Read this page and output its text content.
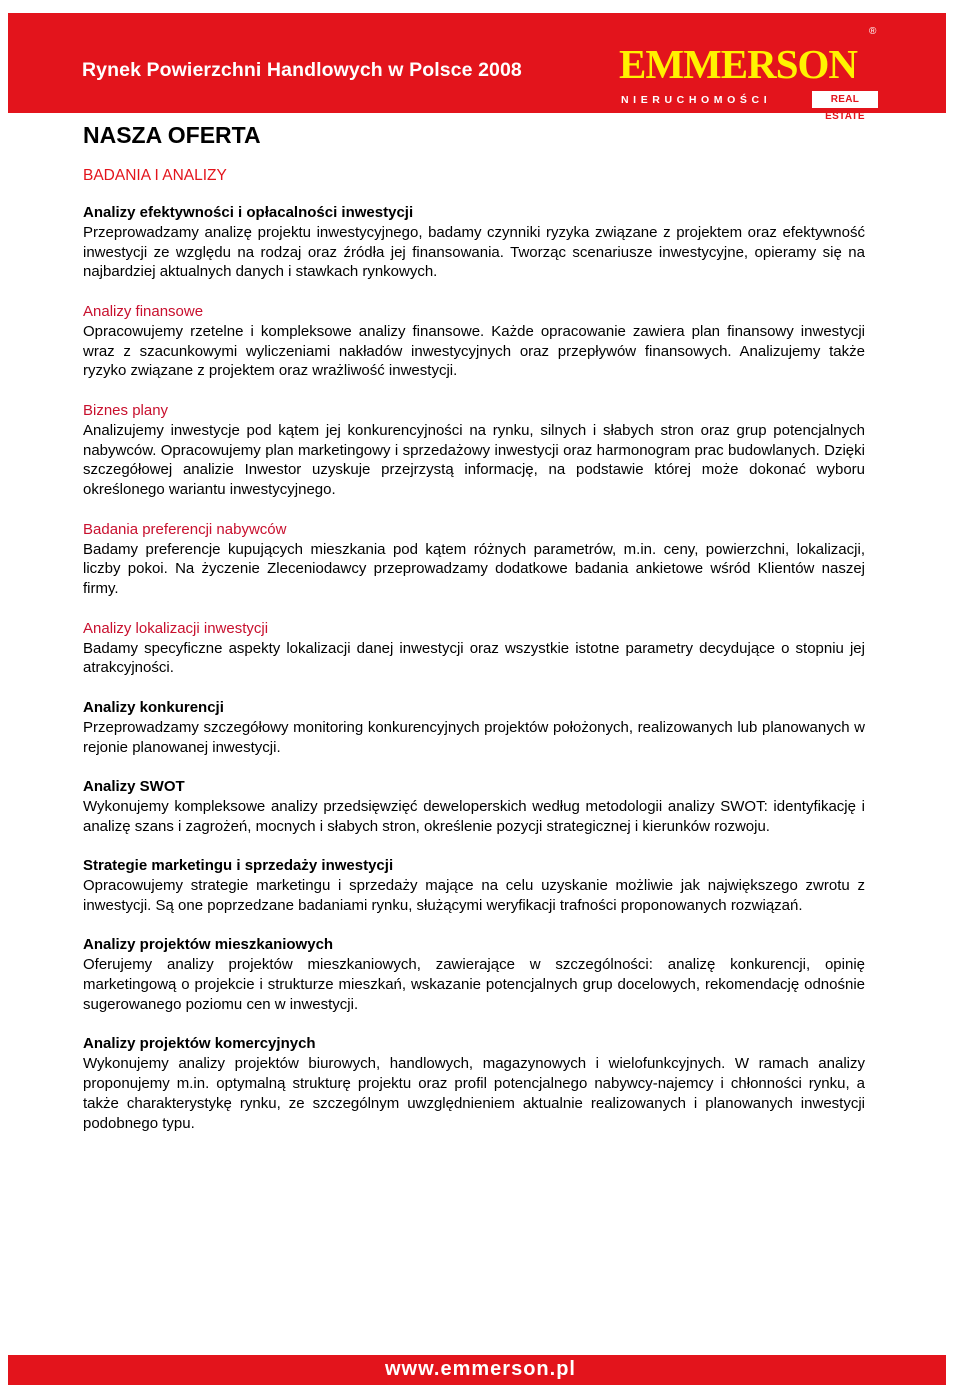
Rynek Powierzchni Handlowych w Polsce 2008 EMMERSON
NIERUCHOMOŚCI	REAL ESTATE
®
NASZA OFERTA

BADANIA I ANALIZY

Analizy efektywności i opłacalności inwestycji

Przeprowadzamy analizę projektu inwestycyjnego, badamy czynniki ryzyka związane z projektem oraz efektywność inwestycji ze względu na rodzaj oraz źródła jej finansowania. Tworząc scenariusze inwestycyjne, opieramy się na najbardziej aktualnych danych i stawkach rynkowych.

Analizy finansowe

Opracowujemy rzetelne i kompleksowe analizy finansowe. Każde opracowanie zawiera plan finansowy inwestycji wraz z szacunkowymi wyliczeniami nakładów inwestycyjnych oraz przepływów finansowych. Analizujemy także ryzyko związane z projektem oraz wrażliwość inwestycji.

Biznes plany

Analizujemy inwestycje pod kątem jej konkurencyjności na rynku, silnych i słabych stron oraz grup potencjalnych nabywców. Opracowujemy plan marketingowy i sprzedażowy inwestycji oraz harmonogram prac budowlanych. Dzięki szczegółowej analizie Inwestor uzyskuje przejrzystą informację, na podstawie której może dokonać wyboru określonego wariantu inwestycyjnego.

Badania preferencji nabywców

Badamy preferencje kupujących mieszkania pod kątem różnych parametrów, m.in. ceny, powierzchni, lokalizacji, liczby pokoi. Na życzenie Zleceniodawcy przeprowadzamy dodatkowe badania ankietowe wśród Klientów naszej firmy.

Analizy lokalizacji inwestycji

Badamy specyficzne aspekty lokalizacji danej inwestycji oraz wszystkie istotne parametry decydujące o stopniu jej atrakcyjności.

Analizy konkurencji

Przeprowadzamy szczegółowy monitoring konkurencyjnych projektów położonych, realizowanych lub planowanych w rejonie planowanej inwestycji.

Analizy SWOT

Wykonujemy kompleksowe analizy przedsięwzięć deweloperskich według metodologii analizy SWOT: identyfikację i analizę szans i zagrożeń, mocnych i słabych stron, określenie pozycji strategicznej i kierunków rozwoju.

Strategie marketingu i sprzedaży inwestycji

Opracowujemy strategie marketingu i sprzedaży mające na celu uzyskanie możliwie jak największego zwrotu z inwestycji. Są one poprzedzane badaniami rynku, służącymi weryfikacji trafności proponowanych rozwiązań.

Analizy projektów mieszkaniowych

Oferujemy analizy projektów mieszkaniowych, zawierające w szczególności: analizę konkurencji, opinię marketingową o projekcie i strukturze mieszkań, wskazanie potencjalnych grup docelowych, rekomendację odnośnie sugerowanego poziomu cen w inwestycji.

Analizy projektów komercyjnych

Wykonujemy analizy projektów biurowych, handlowych, magazynowych i wielofunkcyjnych. W ramach analizy proponujemy m.in. optymalną strukturę projektu oraz profil potencjalnego nabywcy-najemcy i chłonności rynku, a także charakterystykę rynku, ze szczególnym uwzględnieniem aktualnie realizowanych i planowanych inwestycji podobnego typu.

www.emmerson.pl
